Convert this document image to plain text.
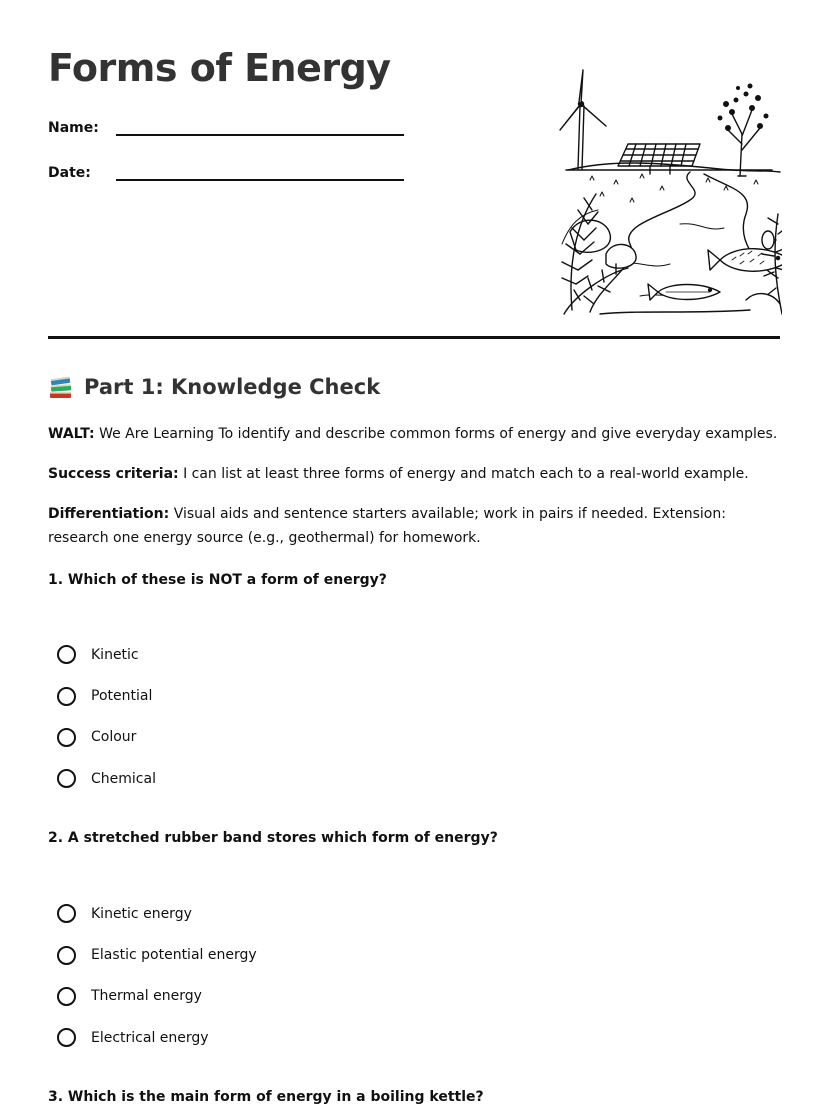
Forms of Energy
Name:
Date:
Part 1: Knowledge Check

WALT: We Are Learning To identify and describe common forms of energy and give everyday examples.

Success criteria: I can list at least three forms of energy and match each to a real-world example.

Differentiation: Visual aids and sentence starters available; work in pairs if needed. Extension: research one energy source (e.g., geothermal) for homework.

1. Which of these is NOT a form of energy?

Kinetic
Potential
Colour
Chemical

2. A stretched rubber band stores which form of energy?

Kinetic energy
Elastic potential energy
Thermal energy
Electrical energy

3. Which is the main form of energy in a boiling kettle?
